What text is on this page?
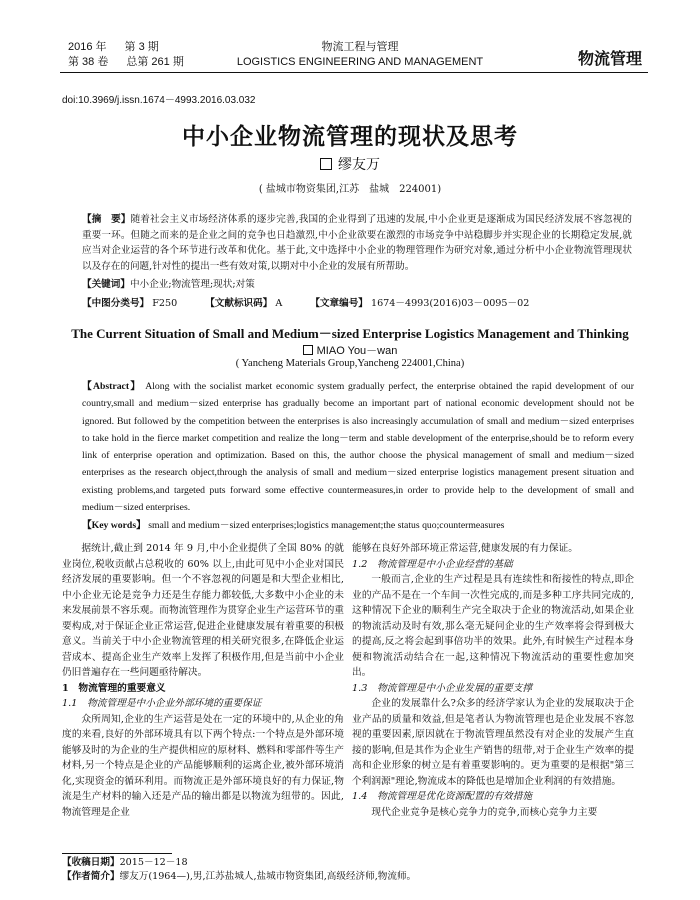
2016 年 第 3 期
第 38 卷 总第 261 期
物流工程与管理
LOGISTICS ENGINEERING AND MANAGEMENT	物流管理
doi:10.3969/j.issn.1674－4993.2016.03.032
中小企业物流管理的现状及思考
缪友万
( 盐城市物资集团,江苏　盐城　224001)
【摘　要】随着社会主义市场经济体系的逐步完善,我国的企业得到了迅速的发展,中小企业更是逐渐成为国民经济发展不容忽视的重要一环。但随之而来的是企业之间的竞争也日趋激烈,中小企业欲要在激烈的市场竞争中站稳脚步并实现企业的长期稳定发展,就应当对企业运营的各个环节进行改革和优化。基于此,文中选择中小企业的物理管理作为研究对象,通过分析中小企业物流管理现状以及存在的问题,针对性的提出一些有效对策,以期对中小企业的发展有所帮助。
【关键词】中小企业;物流管理;现状;对策
【中图分类号】 F250	【文献标识码】 A	【文章编号】 1674－4993(2016)03－0095－02
The Current Situation of Small and Medium－sized Enterprise Logistics Management and Thinking
MIAO You－wan
( Yancheng Materials Group,Yancheng 224001,China)
【Abstract】 Along with the socialist market economic system gradually perfect, the enterprise obtained the rapid development of our country,small and medium－sized enterprise has gradually become an important part of national economic development should not be ignored. But followed by the competition between the enterprises is also increasingly accumulation of small and medium－sized enterprises to take hold in the fierce market competition and realize the long－term and stable development of the enterprise,should be to reform every link of enterprise operation and optimization. Based on this, the author choose the physical management of small and medium－sized enterprises as the research object,through the analysis of small and medium－sized enterprise logistics management present situation and existing problems,and targeted puts forward some effective countermeasures,in order to provide help to the development of small and medium－sized enterprises.
【Key words】 small and medium－sized enterprises;logistics management;the status quo;countermeasures

据统计,截止到 2014 年 9 月,中小企业提供了全国 80% 的就业岗位,税收贡献占总税收的 60% 以上,由此可见中小企业对国民经济发展的重要影响。但一个不容忽视的问题是和大型企业相比,中小企业无论是竞争力还是生存能力都较低,大多数中小企业的未来发展前景不容乐观。而物流管理作为贯穿企业生产运营环节的重要构成,对于保证企业正常运营,促进企业健康发展有着重要的积极意义。当前关于中小企业物流管理的相关研究很多,在降低企业运营成本、提高企业生产效率上发挥了积极作用,但是当前中小企业仍旧普遍存在一些问题亟待解决。

1　物流管理的重要意义

1.1　物流管理是中小企业外部环境的重要保证

众所周知,企业的生产运营是处在一定的环境中的,从企业的角度的来看,良好的外部环境具有以下两个特点:一个特点是外部环境能够及时的为企业的生产提供相应的原材料、燃料和零部件等生产材料,另一个特点是企业的产品能够顺利的运离企业,被外部环境消化,实现资金的循环利用。而物流正是外部环境良好的有力保证,物流是生产材料的输入还是产品的输出都是以物流为纽带的。因此,物流管理是企业

能够在良好外部环境正常运营,健康发展的有力保证。

1.2　物流管理是中小企业经营的基础

一般而言,企业的生产过程是具有连续性和衔接性的特点,即企业的产品不是在一个车间一次性完成的,而是多种工序共同完成的,这种情况下企业的顺利生产完全取决于企业的物流活动,如果企业的物流活动及时有效,那么毫无疑问企业的生产效率将会得到极大的提高,反之将会起到事倍功半的效果。此外,有时候生产过程本身便和物流活动结合在一起,这种情况下物流活动的重要性愈加突出。

1.3　物流管理是中小企业发展的重要支撑

企业的发展靠什么?众多的经济学家认为企业的发展取决于企业产品的质量和效益,但是笔者认为物流管理也是企业发展不容忽视的重要因素,原因就在于物流管理虽然没有对企业的发展产生直接的影响,但是其作为企业生产销售的纽带,对于企业生产效率的提高和企业形象的树立是有着重要影响的。更为重要的是根据"第三个利润源"理论,物流成本的降低也是增加企业利润的有效措施。

1.4　物流管理是优化资源配置的有效措施

现代企业竞争是核心竞争力的竞争,而核心竞争力主要

【收稿日期】2015－12－18
【作者简介】缪友万(1964—),男,江苏盐城人,盐城市物资集团,高级经济师,物流师。
